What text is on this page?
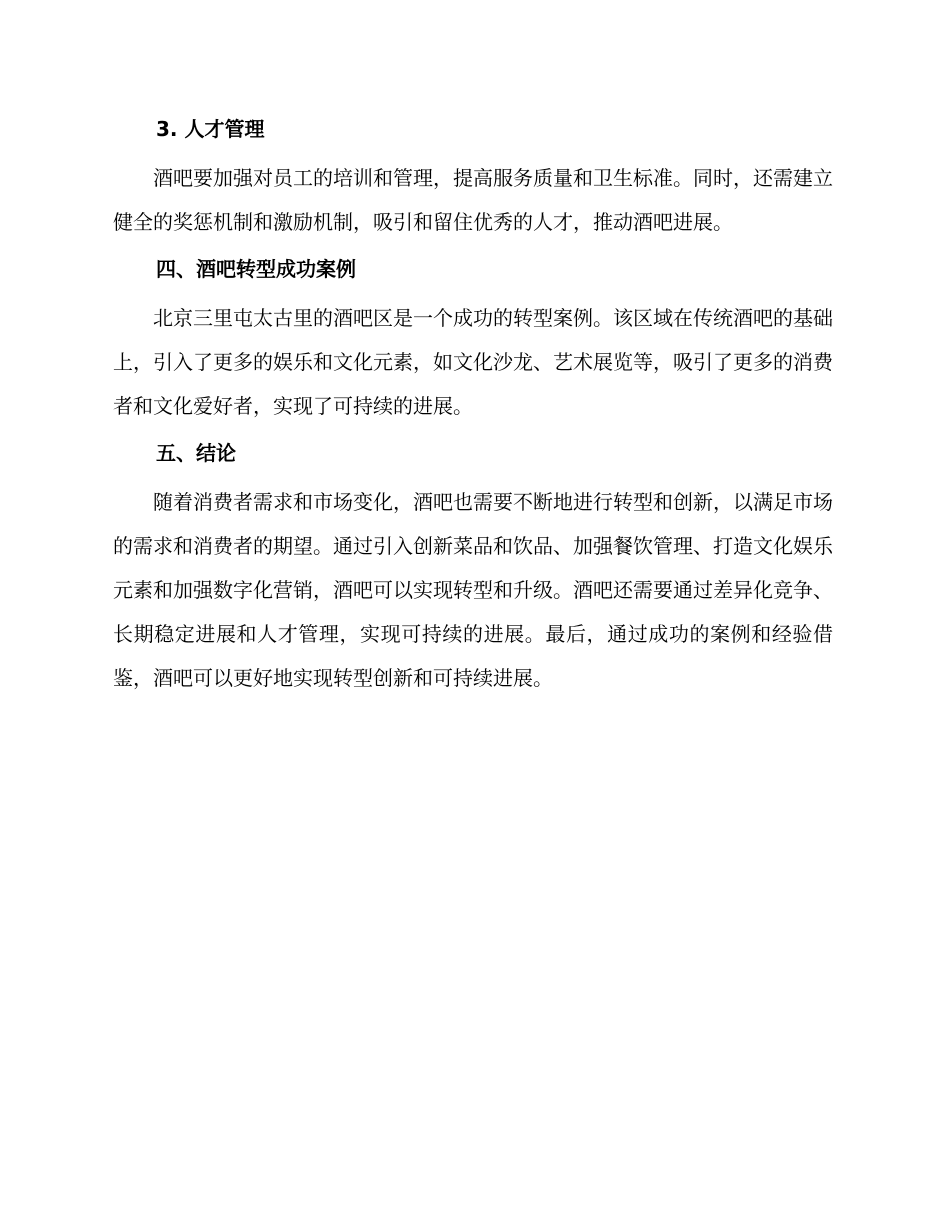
3. 人才管理

酒吧要加强对员工的培训和管理，提高服务质量和卫生标准。同时，还需建立健全的奖惩机制和激励机制，吸引和留住优秀的人才，推动酒吧进展。

四、酒吧转型成功案例

北京三里屯太古里的酒吧区是一个成功的转型案例。该区域在传统酒吧的基础上，引入了更多的娱乐和文化元素，如文化沙龙、艺术展览等，吸引了更多的消费者和文化爱好者，实现了可持续的进展。

五、结论

随着消费者需求和市场变化，酒吧也需要不断地进行转型和创新，以满足市场的需求和消费者的期望。通过引入创新菜品和饮品、加强餐饮管理、打造文化娱乐元素和加强数字化营销，酒吧可以实现转型和升级。酒吧还需要通过差异化竞争、长期稳定进展和人才管理，实现可持续的进展。最后，通过成功的案例和经验借鉴，酒吧可以更好地实现转型创新和可持续进展。
